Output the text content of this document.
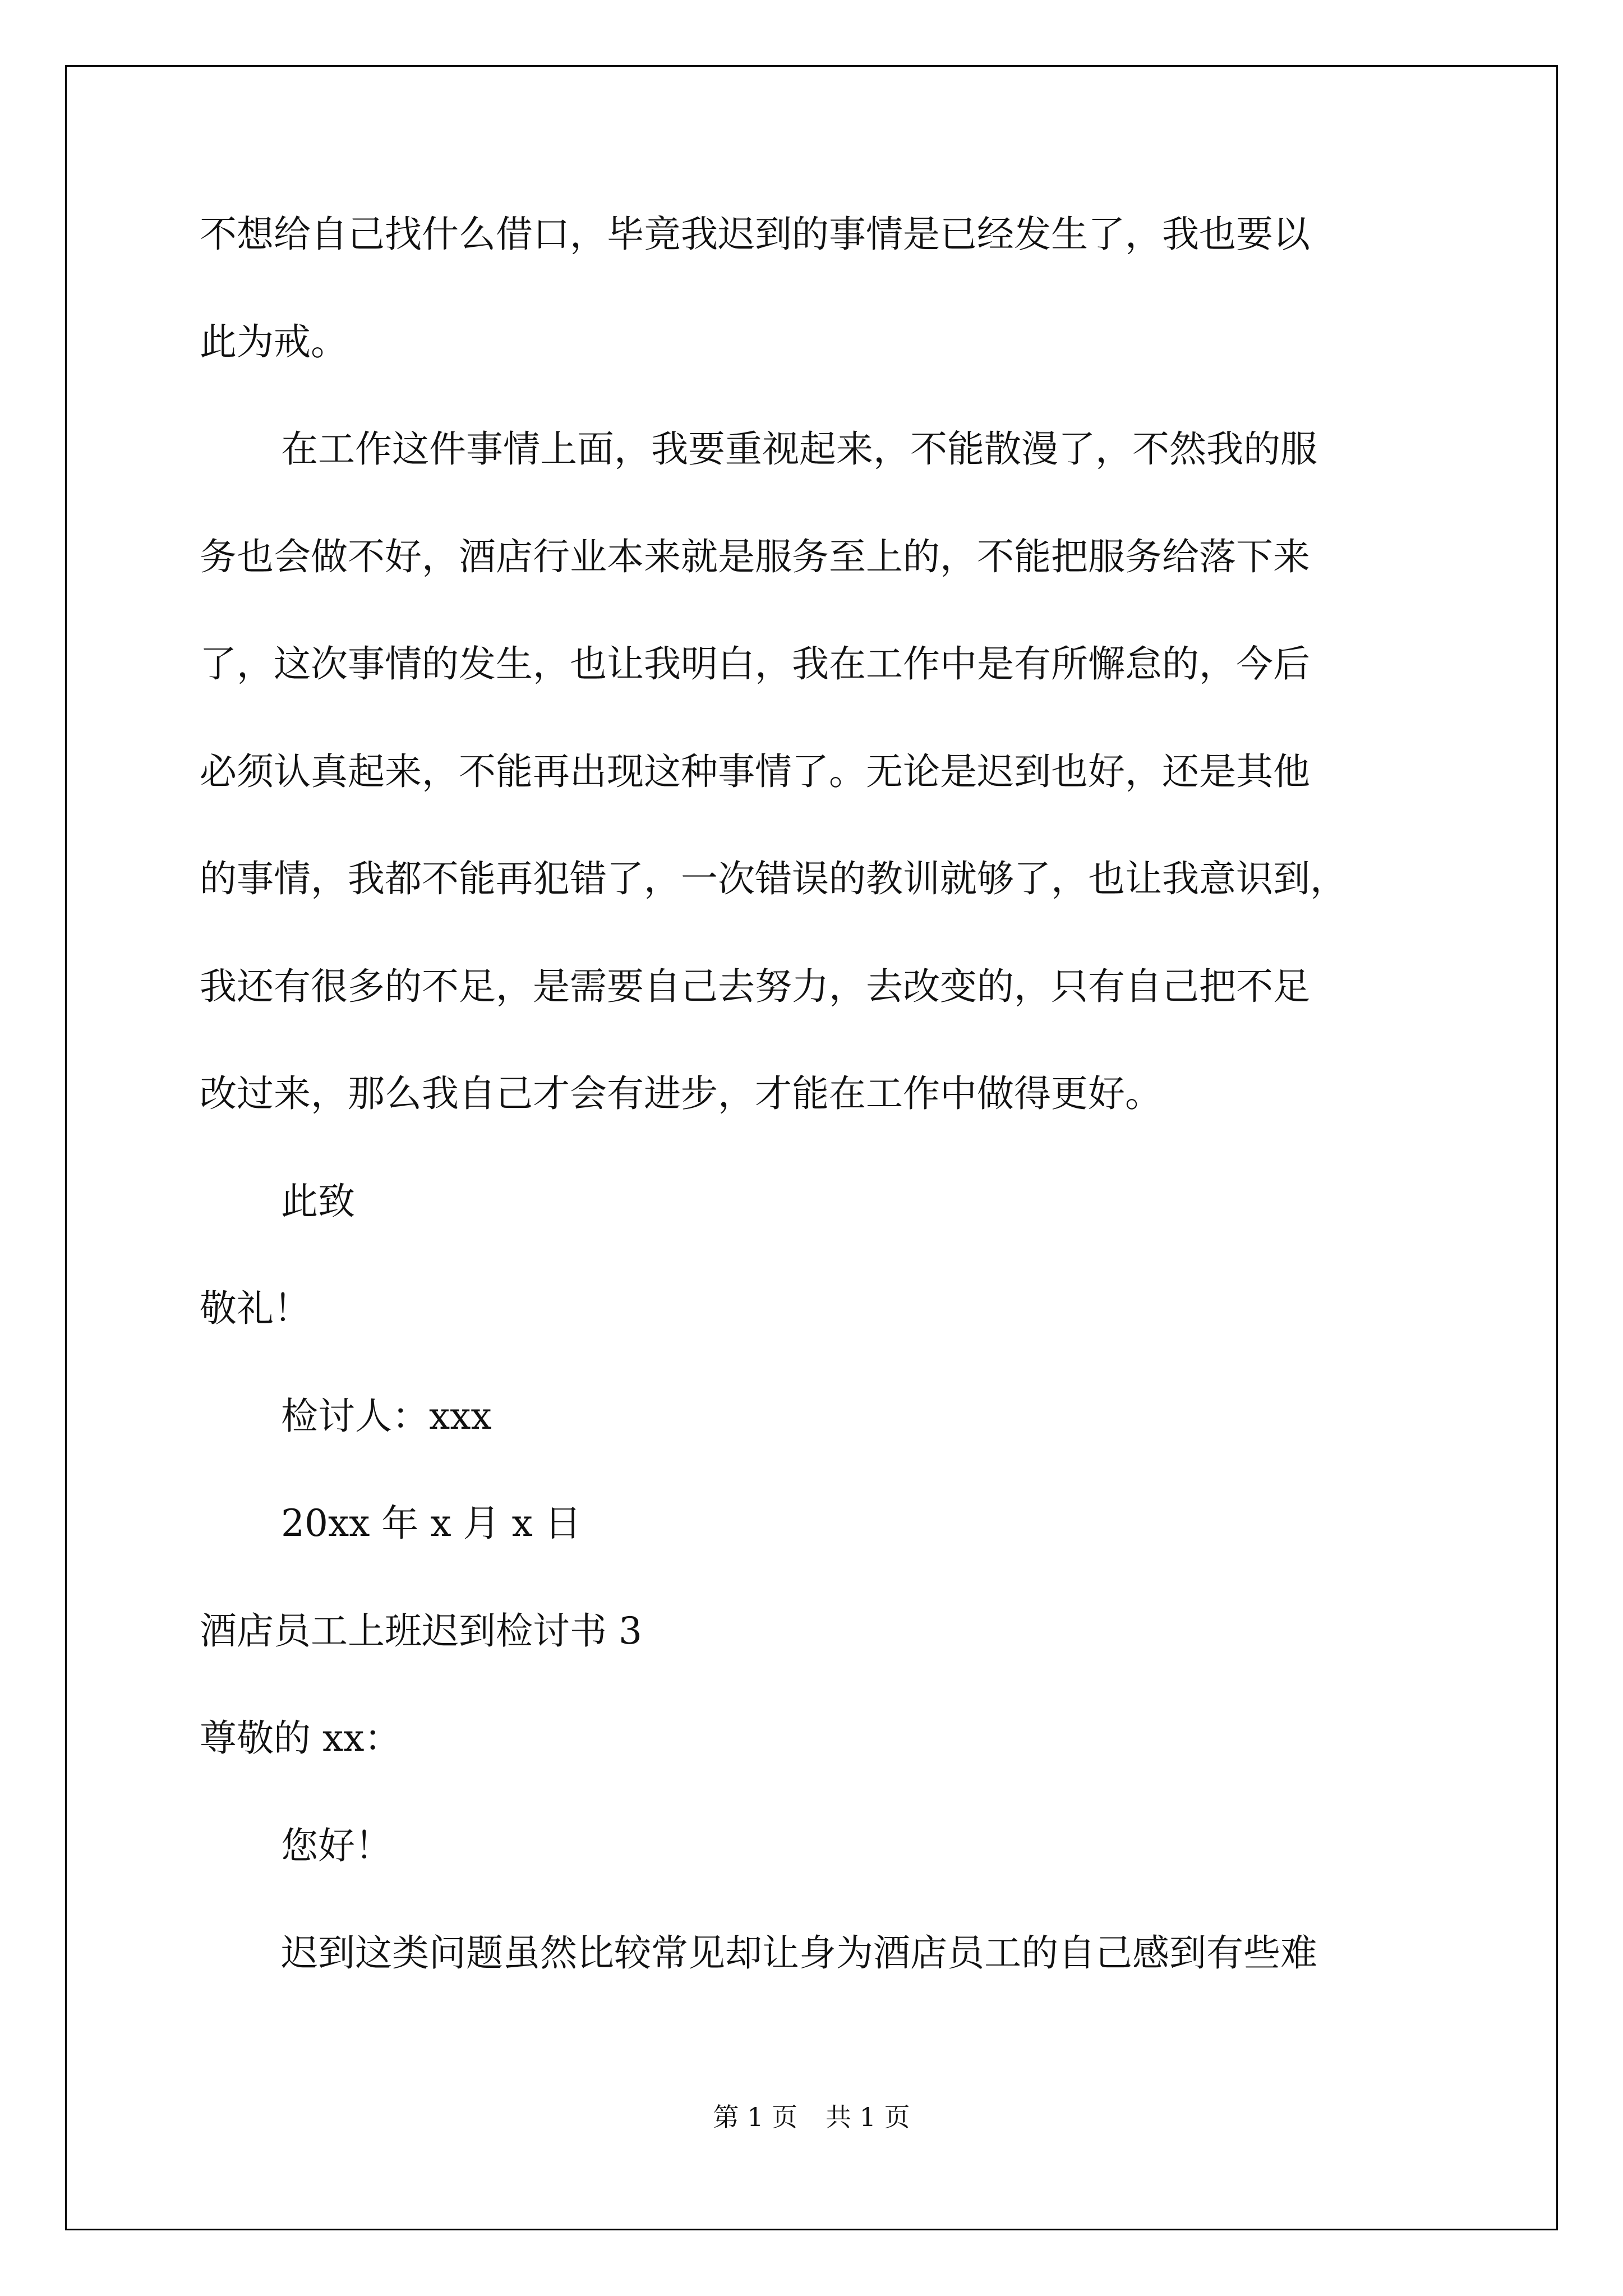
不想给自己找什么借口，毕竟我迟到的事情是已经发生了，我也要以
此为戒。
在工作这件事情上面，我要重视起来，不能散漫了，不然我的服
务也会做不好，酒店行业本来就是服务至上的，不能把服务给落下来
了，这次事情的发生，也让我明白，我在工作中是有所懈怠的，今后
必须认真起来，不能再出现这种事情了。无论是迟到也好，还是其他
的事情，我都不能再犯错了，一次错误的教训就够了，也让我意识到，
我还有很多的不足，是需要自己去努力，去改变的，只有自己把不足
改过来，那么我自己才会有进步，才能在工作中做得更好。
此致
敬礼！
检讨人：xxx
20xx 年 x 月 x 日
酒店员工上班迟到检讨书 3
尊敬的 xx：
您好！
迟到这类问题虽然比较常见却让身为酒店员工的自己感到有些难
第 1 页 共 1 页
